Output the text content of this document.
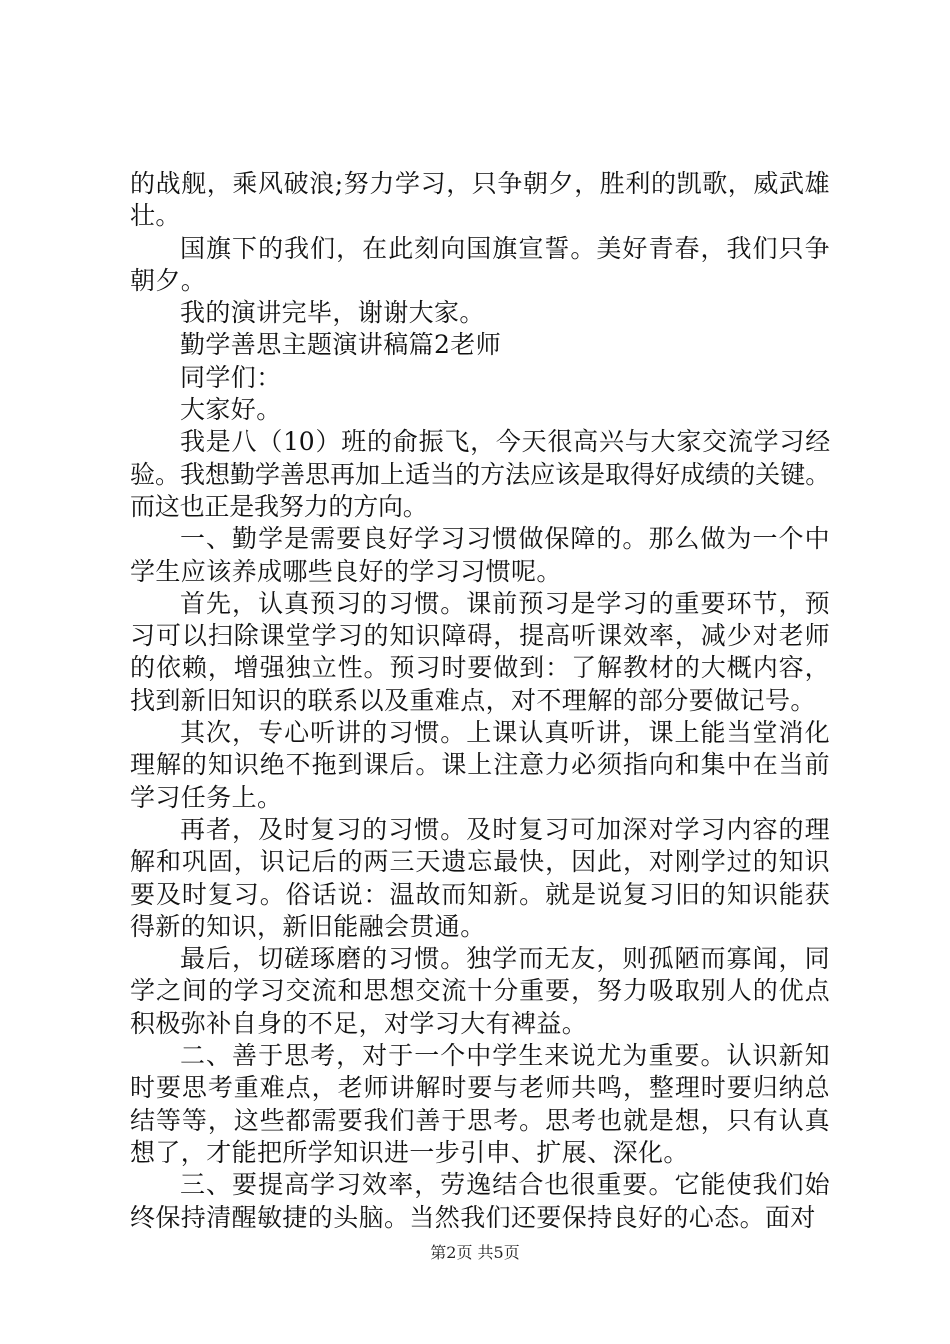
的战舰，乘风破浪;努力学习，只争朝夕，胜利的凯歌，威武雄壮。

国旗下的我们，在此刻向国旗宣誓。美好青春，我们只争朝夕。

我的演讲完毕，谢谢大家。

勤学善思主题演讲稿篇2老师

同学们：

大家好。

我是八（10）班的俞振飞，今天很高兴与大家交流学习经验。我想勤学善思再加上适当的方法应该是取得好成绩的关键。而这也正是我努力的方向。

一、勤学是需要良好学习习惯做保障的。那么做为一个中学生应该养成哪些良好的学习习惯呢。

首先，认真预习的习惯。课前预习是学习的重要环节，预习可以扫除课堂学习的知识障碍，提高听课效率，减少对老师的依赖，增强独立性。预习时要做到：了解教材的大概内容，找到新旧知识的联系以及重难点，对不理解的部分要做记号。

其次，专心听讲的习惯。上课认真听讲，课上能当堂消化理解的知识绝不拖到课后。课上注意力必须指向和集中在当前学习任务上。

再者，及时复习的习惯。及时复习可加深对学习内容的理解和巩固，识记后的两三天遗忘最快，因此，对刚学过的知识要及时复习。俗话说：温故而知新。就是说复习旧的知识能获得新的知识，新旧能融会贯通。

最后，切磋琢磨的习惯。独学而无友，则孤陋而寡闻，同学之间的学习交流和思想交流十分重要，努力吸取别人的优点积极弥补自身的不足，对学习大有裨益。

二、善于思考，对于一个中学生来说尤为重要。认识新知时要思考重难点，老师讲解时要与老师共鸣，整理时要归纳总结等等，这些都需要我们善于思考。思考也就是想，只有认真想了，才能把所学知识进一步引申、扩展、深化。

三、要提高学习效率，劳逸结合也很重要。它能使我们始终保持清醒敏捷的头脑。当然我们还要保持良好的心态。面对

第2页 共5页
